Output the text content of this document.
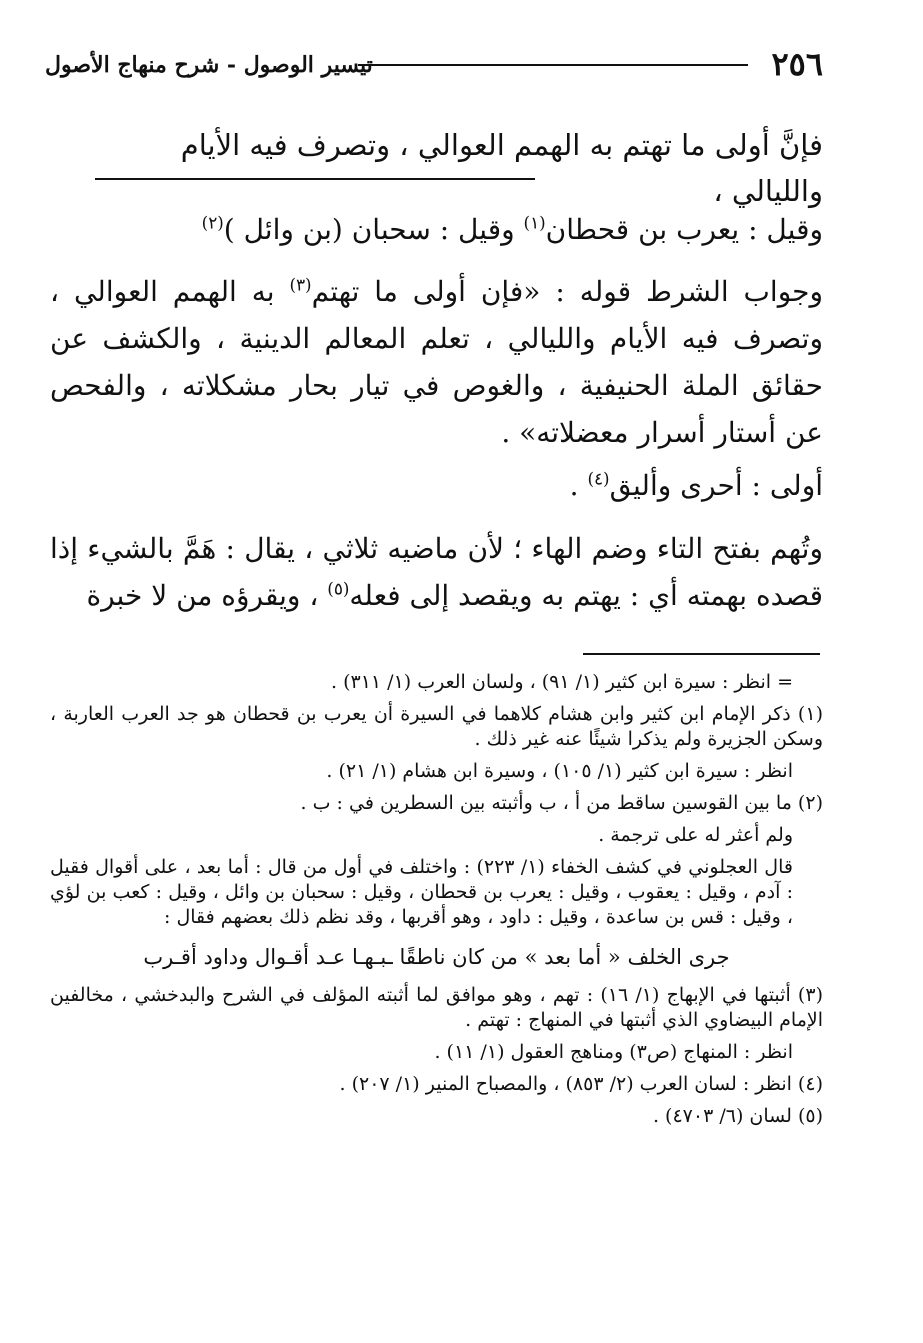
٢٥٦
تيسير الوصول - شرح منهاج الأصول
فإنَّ أولى ما تهتم به الهمم العوالي ، وتصرف فيه الأيام والليالي ،
وقيل : يعرب بن قحطان$^{(١)}$ وقيل : سحبان (بن وائل )$^{(٢)}$
وجواب الشرط قوله : «فإن أولى ما تهتم$^{(٣)}$ به الهمم العوالي ، وتصرف فيه الأيام والليالي ، تعلم المعالم الدينية ، والكشف عن حقائق الملة الحنيفية ، والغوص في تيار بحار مشكلاته ، والفحص عن أستار أسرار معضلاته» .
أولى : أحرى وأليق$^{(٤)}$ .
وتُهم بفتح التاء وضم الهاء ؛ لأن ماضيه ثلاثي ، يقال : هَمَّ بالشيء إذا قصده بهمته أي : يهتم به ويقصد إلى فعله$^{(٥)}$ ، ويقرؤه من لا خبرة

= انظر : سيرة ابن كثير (١/ ٩١) ، ولسان العرب (١/ ٣١١) .

(١) ذكر الإمام ابن كثير وابن هشام كلاهما في السيرة أن يعرب بن قحطان هو جد العرب العاربة ، وسكن الجزيرة ولم يذكرا شيئًا عنه غير ذلك .

انظر : سيرة ابن كثير (١/ ١٠٥) ، وسيرة ابن هشام (١/ ٢١) .

(٢) ما بين القوسين ساقط من أ ، ب وأثبته بين السطرين في : ب .

ولم أعثر له على ترجمة .

قال العجلوني في كشف الخفاء (١/ ٢٢٣) : واختلف في أول من قال : أما بعد ، على أقوال فقيل : آدم ، وقيل : يعقوب ، وقيل : يعرب بن قحطان ، وقيل : سحبان بن وائل ، وقيل : كعب بن لؤي ، وقيل : قس بن ساعدة ، وقيل : داود ، وهو أقربها ، وقد نظم ذلك بعضهم فقال :

جرى الخلف « أما بعد » من كان ناطقًا ـبـهـا عـد أقـوال وداود أقـرب

(٣) أثبتها في الإبهاج (١/ ١٦) : تهم ، وهو موافق لما أثبته المؤلف في الشرح والبدخشي ، مخالفين الإمام البيضاوي الذي أثبتها في المنهاج : تهتم .

انظر : المنهاج (ص٣) ومناهج العقول (١/ ١١) .

(٤) انظر : لسان العرب (٢/ ٨٥٣) ، والمصباح المنير (١/ ٢٠٧) .

(٥) لسان (٦/ ٤٧٠٣) .
